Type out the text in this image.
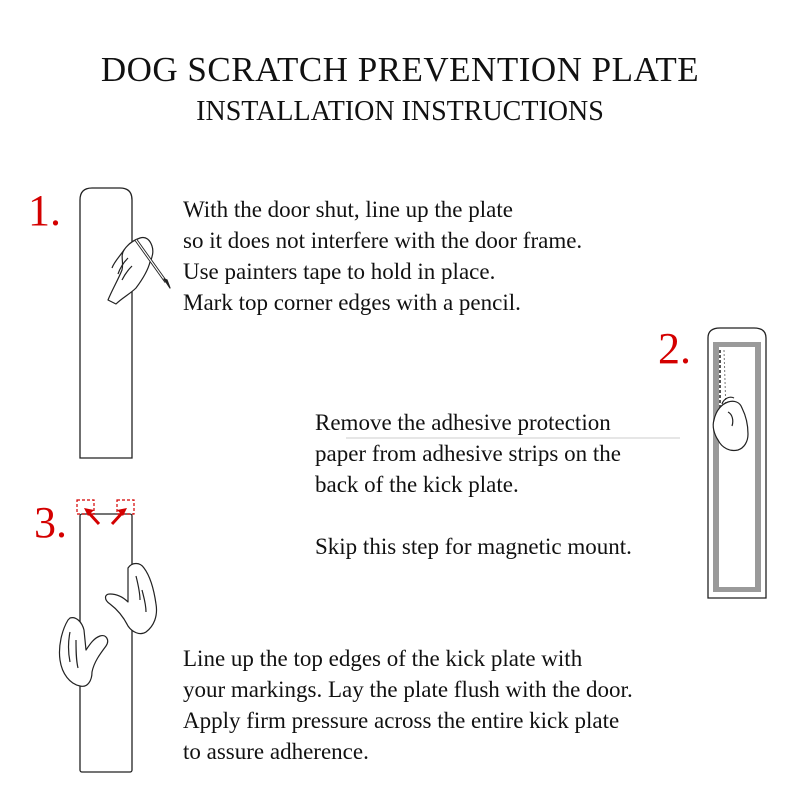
DOG SCRATCH PREVENTION PLATE
INSTALLATION INSTRUCTIONS
1.
2.
3.
With the door shut, line up the plate
so it does not interfere with the door frame.
Use painters tape to hold in place.
Mark top corner edges with a pencil.
Remove the adhesive protection
paper from adhesive strips on the
back of the kick plate.
Skip this step for magnetic mount.
Line up the top edges of the kick plate with
your markings. Lay the plate flush with the door.
Apply firm pressure across the entire kick plate
to assure adherence.
